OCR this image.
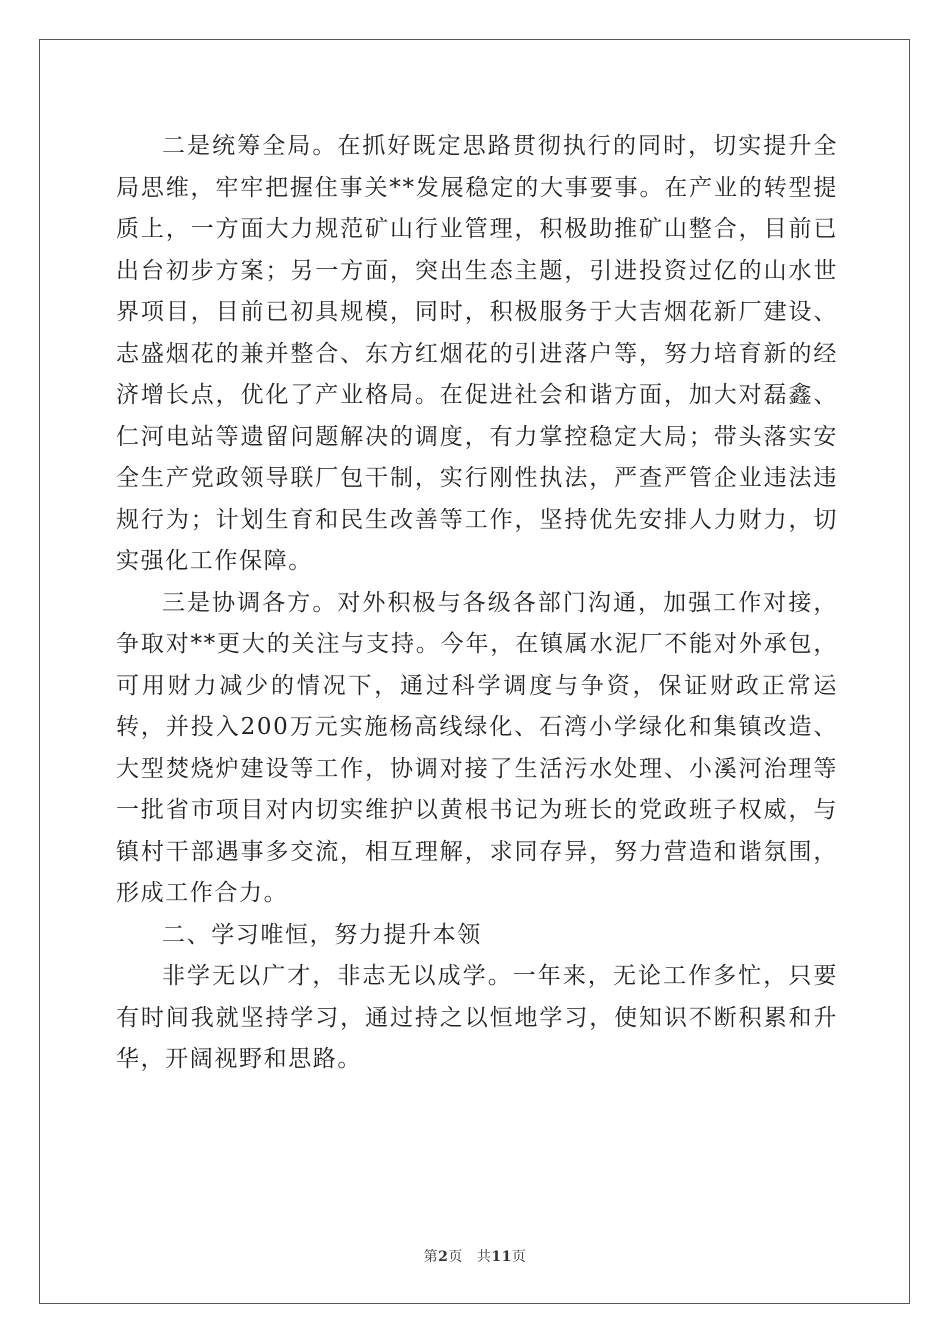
二是统筹全局。在抓好既定思路贯彻执行的同时，切实提升全局思维，牢牢把握住事关**发展稳定的大事要事。在产业的转型提质上，一方面大力规范矿山行业管理，积极助推矿山整合，目前已出台初步方案；另一方面，突出生态主题，引进投资过亿的山水世界项目，目前已初具规模，同时，积极服务于大吉烟花新厂建设、志盛烟花的兼并整合、东方红烟花的引进落户等，努力培育新的经济增长点，优化了产业格局。在促进社会和谐方面，加大对磊鑫、仁河电站等遗留问题解决的调度，有力掌控稳定大局；带头落实安全生产党政领导联厂包干制，实行刚性执法，严查严管企业违法违规行为；计划生育和民生改善等工作，坚持优先安排人力财力，切实强化工作保障。

三是协调各方。对外积极与各级各部门沟通，加强工作对接，争取对**更大的关注与支持。今年，在镇属水泥厂不能对外承包，可用财力减少的情况下，通过科学调度与争资，保证财政正常运转，并投入200万元实施杨高线绿化、石湾小学绿化和集镇改造、大型焚烧炉建设等工作，协调对接了生活污水处理、小溪河治理等一批省市项目对内切实维护以黄根书记为班长的党政班子权威，与镇村干部遇事多交流，相互理解，求同存异，努力营造和谐氛围，形成工作合力。

二、学习唯恒，努力提升本领

非学无以广才，非志无以成学。一年来，无论工作多忙，只要有时间我就坚持学习，通过持之以恒地学习，使知识不断积累和升华，开阔视野和思路。

第2页 共11页
